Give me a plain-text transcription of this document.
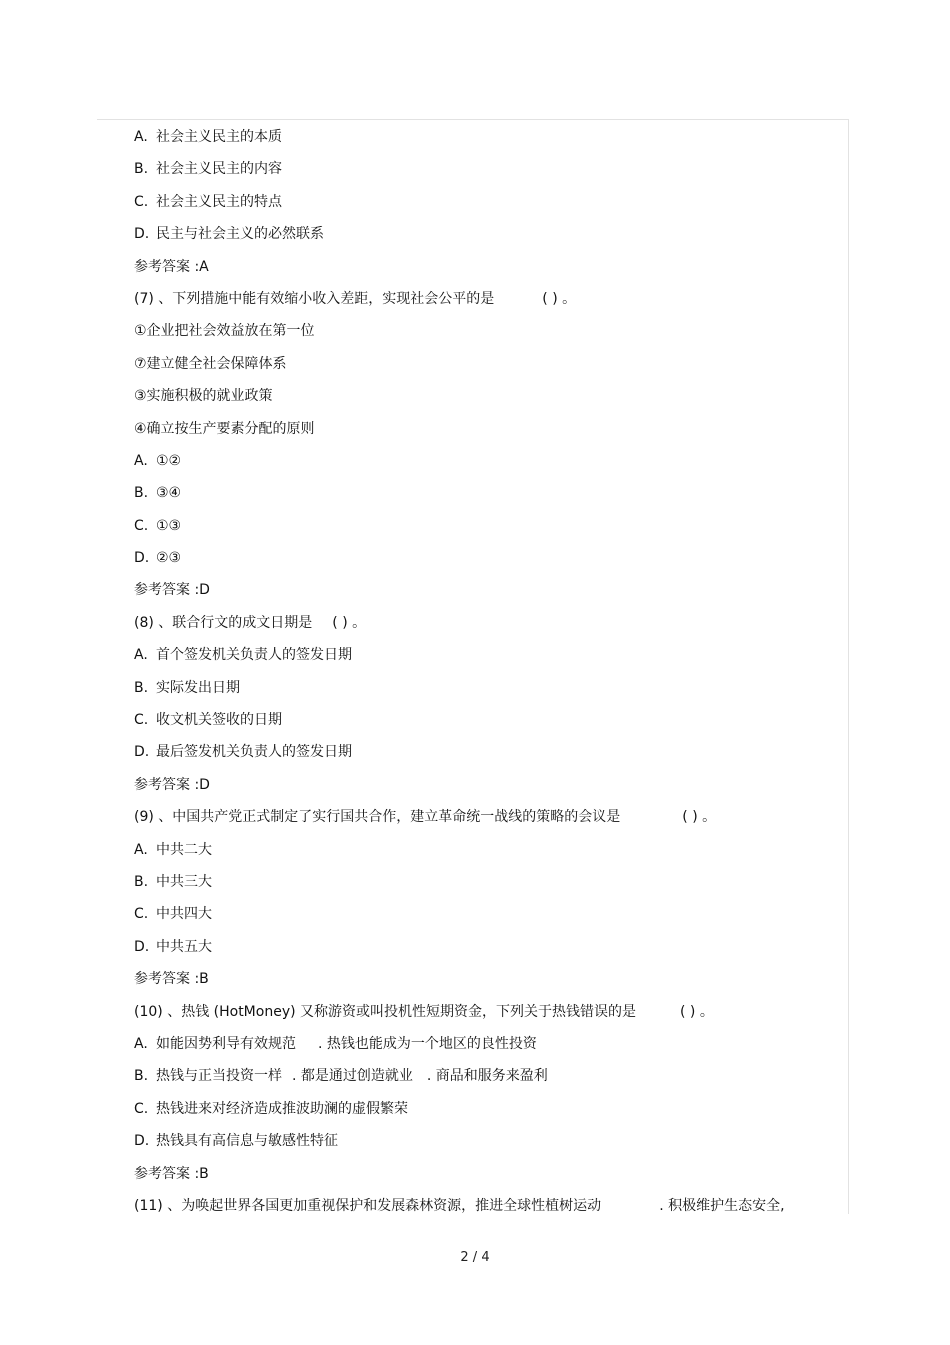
A. 社会主义民主的本质
B. 社会主义民主的内容
C. 社会主义民主的特点
D. 民主与社会主义的必然联系
参考答案 :A
(7) 、下列措施中能有效缩小收入差距，实现社会公平的是	( ) 。
①企业把社会效益放在第一位
⑦建立健全社会保障体系
③实施积极的就业政策
④确立按生产要素分配的原则
A. ①②
B. ③④
C. ①③
D. ②③
参考答案 :D
(8) 、联合行文的成文日期是 ( ) 。
A. 首个签发机关负责人的签发日期
B. 实际发出日期
C. 收文机关签收的日期
D. 最后签发机关负责人的签发日期
参考答案 :D
(9) 、中国共产党正式制定了实行国共合作，建立革命统一战线的策略的会议是	( ) 。
A. 中共二大
B. 中共三大
C. 中共四大
D. 中共五大
参考答案 :B
(10) 、热钱 (HotMoney) 又称游资或叫投机性短期资金，下列关于热钱错误的是	( ) 。
A. 如能因势利导有效规范 . 热钱也能成为一个地区的良性投资
B. 热钱与正当投资一样 . 都是通过创造就业 . 商品和服务来盈利
C. 热钱进来对经济造成推波助澜的虚假繁荣
D. 热钱具有高信息与敏感性特征
参考答案 :B
(11) 、为唤起世界各国更加重视保护和发展森林资源，推进全球性植树运动	. 积极维护生态安全,
2 / 4
